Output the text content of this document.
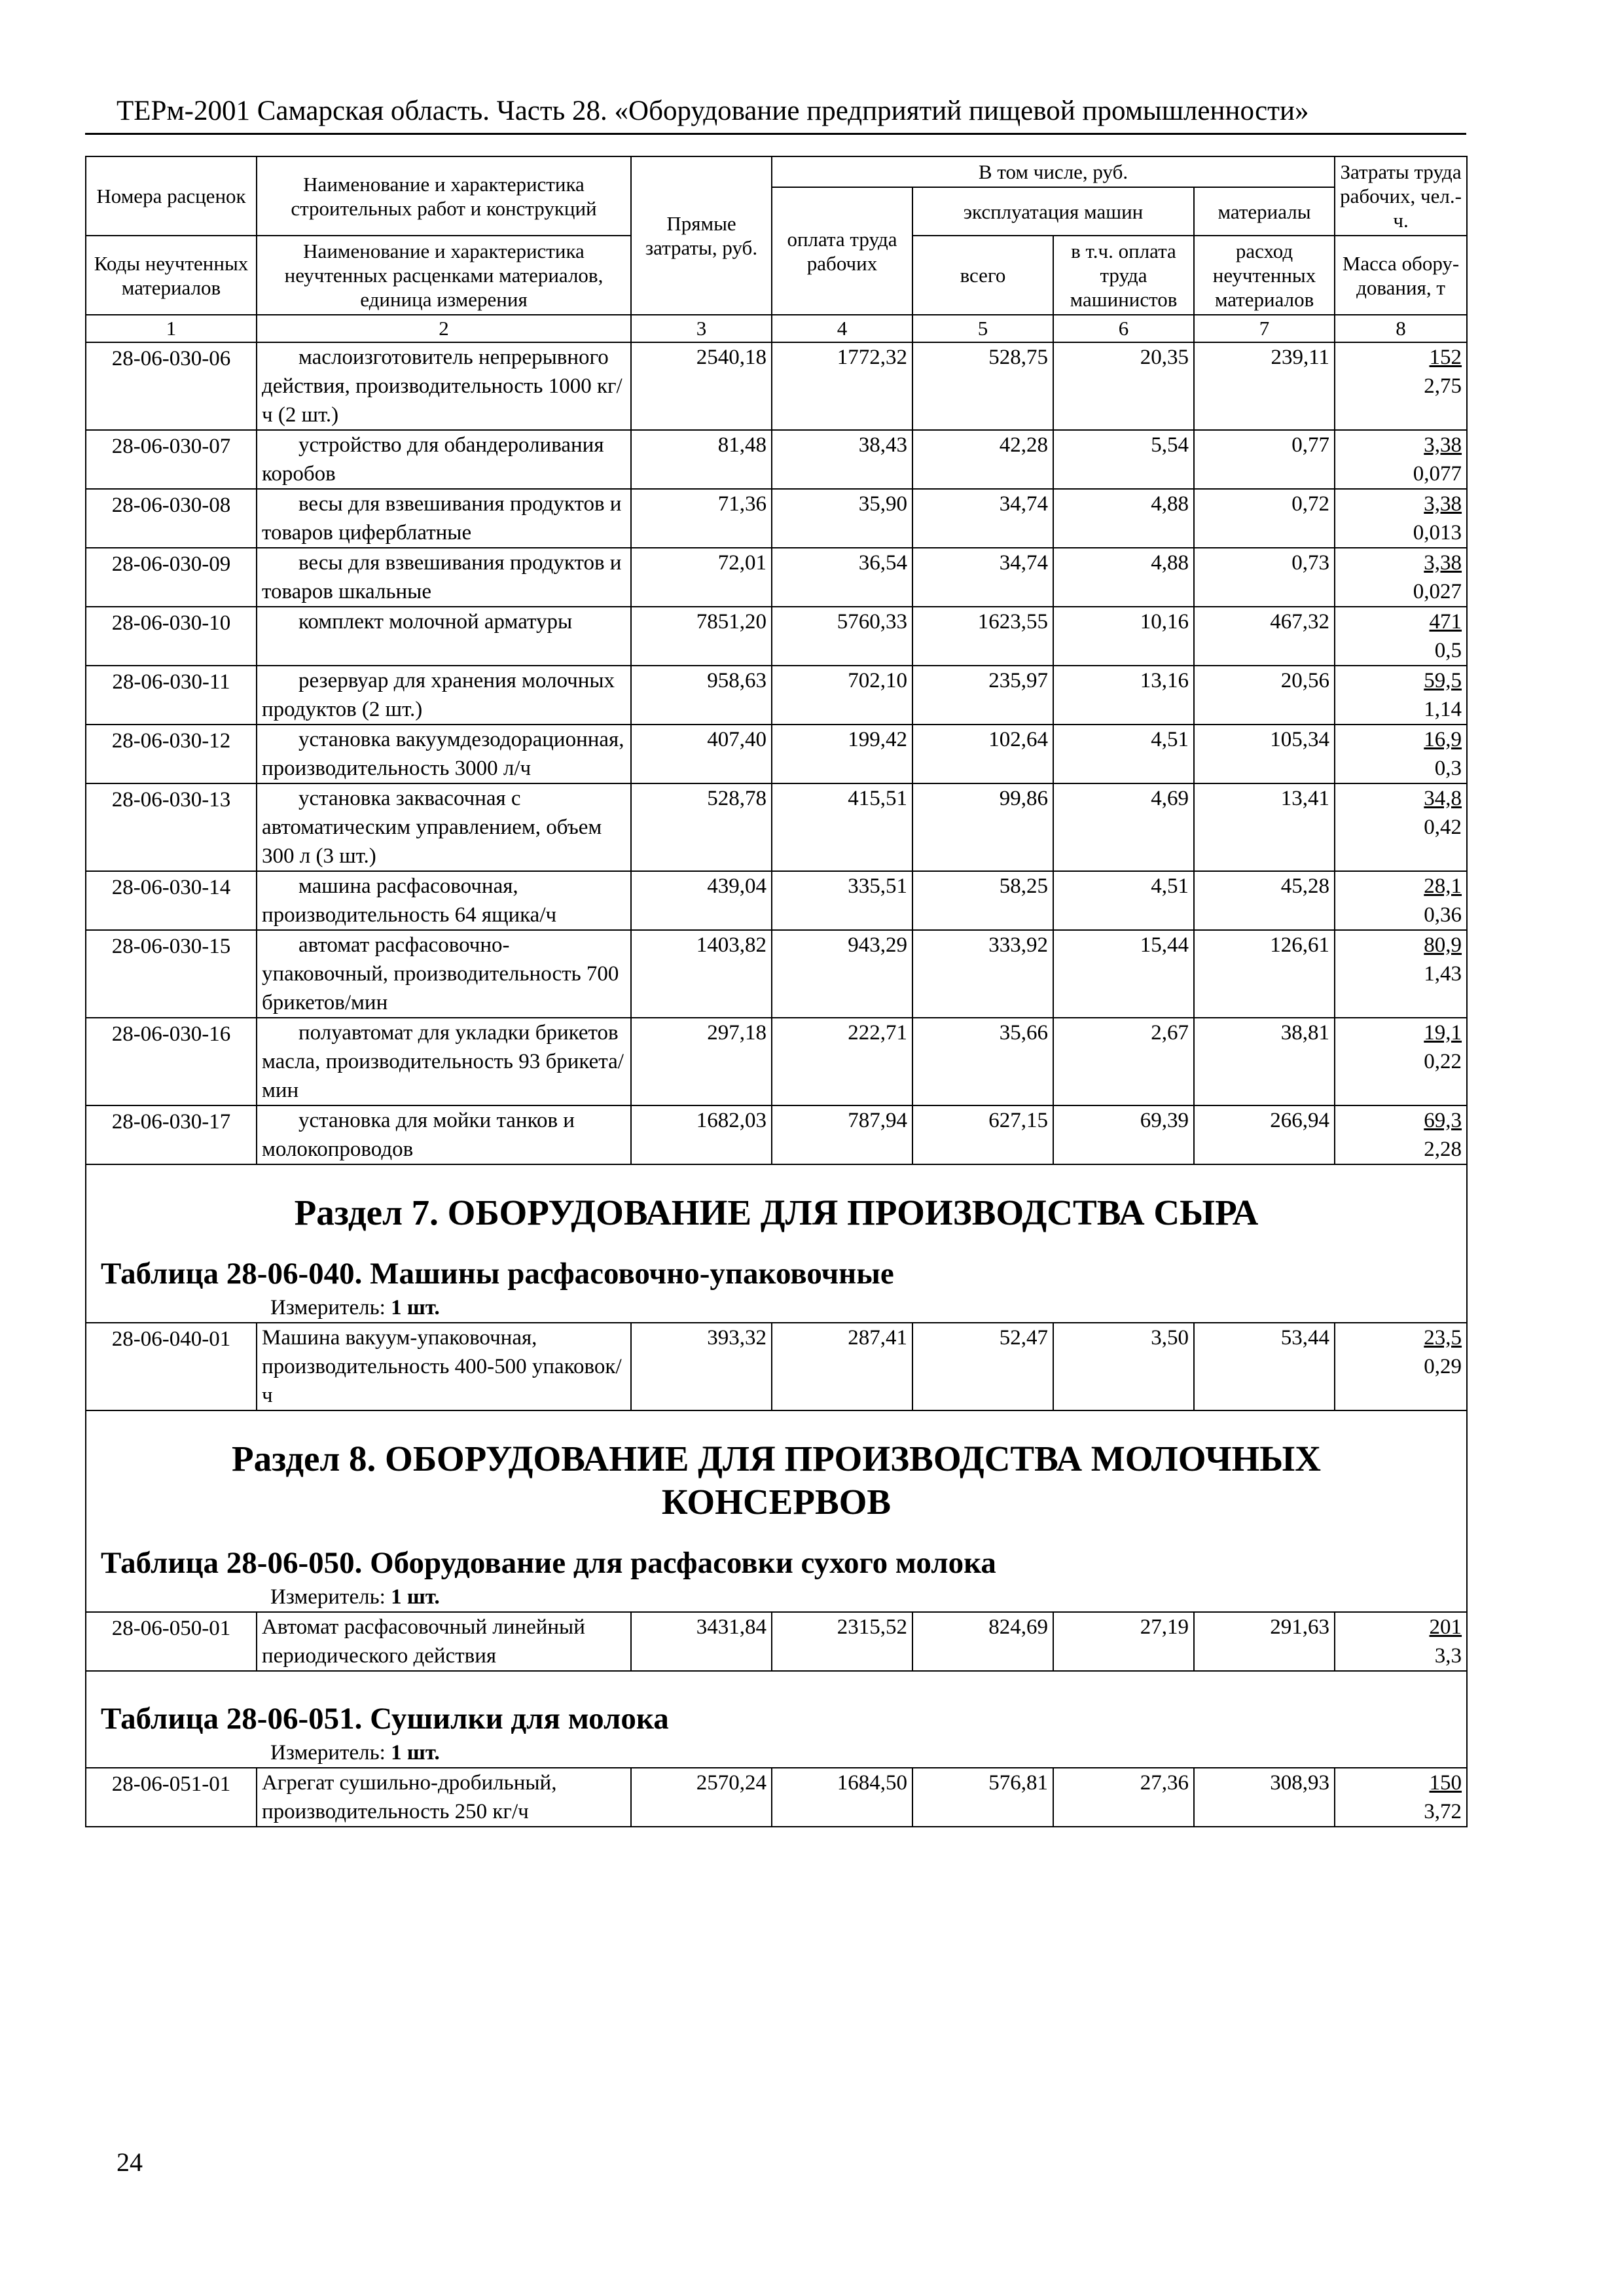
ТЕРм-2001 Самарская область. Часть 28. «Оборудование предприятий пищевой промышленности»
Номера расценок	Наименование и характеристика строительных работ и конструкций	Прямые затраты, руб.	В том числе, руб.				Затраты труда рабочих, чел.-ч.
			оплата труда рабочих	эксплуатация машин		материалы	
Коды неучтенных материалов	Наименование и характеристика неучтенных расценками материалов, единица измерения			всего	в т.ч. оплата труда машинистов	расход неучтенных материалов	Масса обору-дования, т
1	2	3	4	5	6	7	8
28-06-030-06	маслоизготовитель непрерывного действия, производительность 1000 кг/ч (2 шт.)	2540,18	1772,32	528,75	20,35	239,11	152
2,75

28-06-030-07	устройство для обандероливания коробов	81,48	38,43	42,28	5,54	0,77	3,38
0,077

28-06-030-08	весы для взвешивания продуктов и товаров циферблатные	71,36	35,90	34,74	4,88	0,72	3,38
0,013

28-06-030-09	весы для взвешивания продуктов и товаров шкальные	72,01	36,54	34,74	4,88	0,73	3,38
0,027

28-06-030-10	комплект молочной арматуры	7851,20	5760,33	1623,55	10,16	467,32	471
0,5

28-06-030-11	резервуар для хранения молочных продуктов (2 шт.)	958,63	702,10	235,97	13,16	20,56	59,5
1,14

28-06-030-12	установка вакуумдезодорационная, производительность 3000 л/ч	407,40	199,42	102,64	4,51	105,34	16,9
0,3

28-06-030-13	установка заквасочная с автоматическим управлением, объем 300 л (3 шт.)	528,78	415,51	99,86	4,69	13,41	34,8
0,42

28-06-030-14	машина расфасовочная, производительность 64 ящика/ч	439,04	335,51	58,25	4,51	45,28	28,1
0,36

28-06-030-15	автомат расфасовочно-упаковочный, производительность 700 брикетов/мин	1403,82	943,29	333,92	15,44	126,61	80,9
1,43

28-06-030-16	полуавтомат для укладки брикетов масла, производительность 93 брикета/мин	297,18	222,71	35,66	2,67	38,81	19,1
0,22

28-06-030-17	установка для мойки танков и молокопроводов	1682,03	787,94	627,15	69,39	266,94	69,3
2,28

Раздел 7. ОБОРУДОВАНИЕ ДЛЯ ПРОИЗВОДСТВА СЫРА
Таблица 28-06-040. Машины расфасовочно-упаковочные
Измеритель: 1 шт.							

28-06-040-01	Машина вакуум-упаковочная, производительность 400-500 упаковок/ч	393,32	287,41	52,47	3,50	53,44	23,5
0,29

Раздел 8. ОБОРУДОВАНИЕ ДЛЯ ПРОИЗВОДСТВА МОЛОЧНЫХ
КОНСЕРВОВ
Таблица 28-06-050. Оборудование для расфасовки сухого молока
Измеритель: 1 шт.							

28-06-050-01	Автомат расфасовочный линейный периодического действия	3431,84	2315,52	824,69	27,19	291,63	201
3,3

Таблица 28-06-051. Сушилки для молока
Измеритель: 1 шт.							

28-06-051-01	Агрегат сушильно-дробильный, производительность 250 кг/ч	2570,24	1684,50	576,81	27,36	308,93	150
3,72
24
